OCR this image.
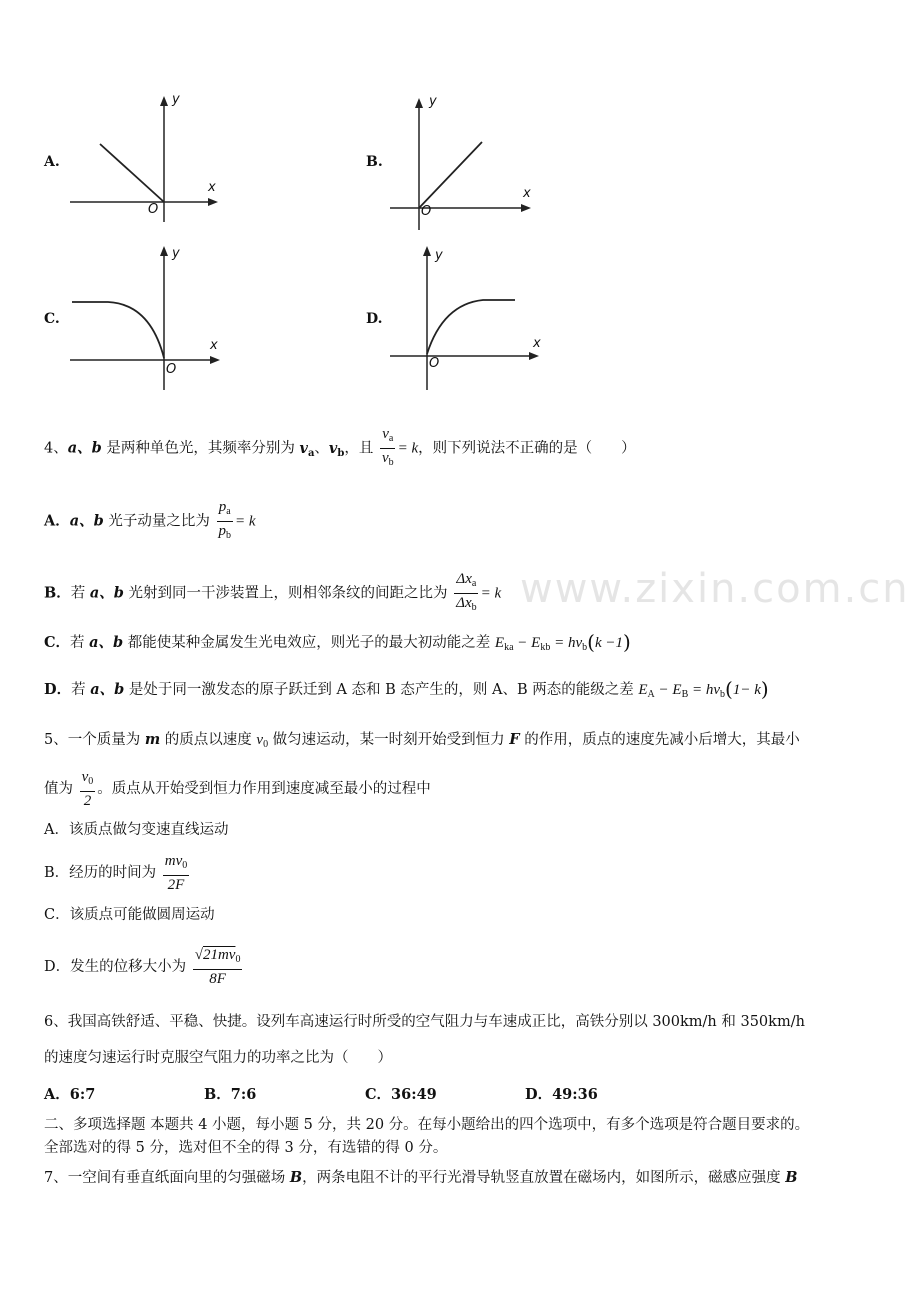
www.zixin.com.cn
A.
y
x
O
B.
y
x
O
C.
y
x
O
D.
y
x
O
4、a、b 是两种单色光，其频率分别为 $v_a$、$v_b$，且 $\frac{v_a}{v_b} = k$，则下列说法不正确的是（　　）
A．a、b 光子动量之比为 $\frac{p_a}{p_b} = k$
B．若 a、b 光射到同一干涉装置上，则相邻条纹的间距之比为 $\frac{\Delta x_a}{\Delta x_b} = k$
C．若 a、b 都能使某种金属发生光电效应，则光子的最大初动能之差 $E_{ka} - E_{kb} = hv_b(k -1)$
D．若 a、b 是处于同一激发态的原子跃迁到 A 态和 B 态产生的，则 A、B 两态的能级之差 $E_A - E_B = hv_b(1- k)$
5、一个质量为 m 的质点以速度 $v_0$ 做匀速运动，某一时刻开始受到恒力 F 的作用，质点的速度先减小后增大，其最小
值为 $\frac{v_0}{2}$ 。质点从开始受到恒力作用到速度减至最小的过程中
A．该质点做匀变速直线运动
B．经历的时间为 $\frac{mv_0}{2F}$
C．该质点可能做圆周运动
D．发生的位移大小为 $\frac{√21mv_0}{8F}$
6、我国高铁舒适、平稳、快捷。设列车高速运行时所受的空气阻力与车速成正比，高铁分别以 300km/h 和 350km/h
的速度匀速运行时克服空气阻力的功率之比为（　　）
A．6:7	B．7:6	C．36:49	D．49:36
二、多项选择题 本题共 4 小题，每小题 5 分，共 20 分。在每小题给出的四个选项中，有多个选项是符合题目要求的。
全部选对的得 5 分，选对但不全的得 3 分，有选错的得 0 分。
7、一空间有垂直纸面向里的匀强磁场 B，两条电阻不计的平行光滑导轨竖直放置在磁场内，如图所示，磁感应强度 B
